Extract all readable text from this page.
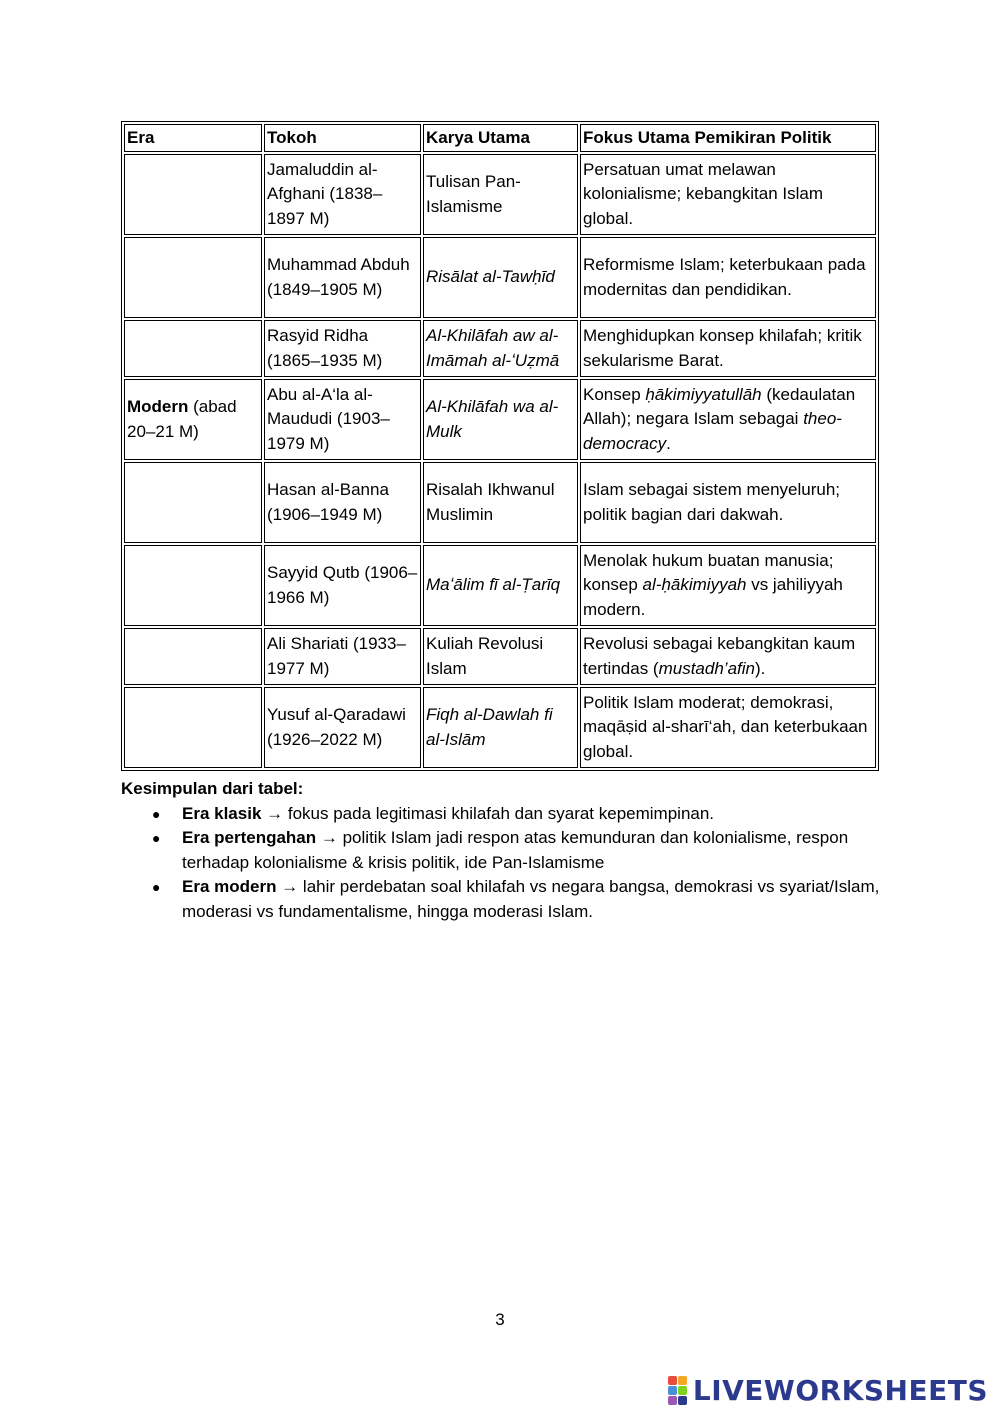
Era	Tokoh	Karya Utama	Fokus Utama Pemikiran Politik
	Jamaluddin al-Afghani (1838–1897 M)	Tulisan Pan-Islamisme	Persatuan umat melawan kolonialisme; kebangkitan Islam global.
	Muhammad Abduh (1849–1905 M)	Risālat al-Tawḥīd	Reformisme Islam; keterbukaan pada modernitas dan pendidikan.
	Rasyid Ridha (1865–1935 M)	Al-Khilāfah aw al-Imāmah al-ʻUẓmā	Menghidupkan konsep khilafah; kritik sekularisme Barat.
Modern (abad 20–21 M)	Abu al-A‘la al-Maududi (1903–1979 M)	Al-Khilāfah wa al-Mulk	Konsep ḥākimiyyatullāh (kedaulatan Allah); negara Islam sebagai theo-democracy.
	Hasan al-Banna (1906–1949 M)	Risalah Ikhwanul Muslimin	Islam sebagai sistem menyeluruh; politik bagian dari dakwah.
	Sayyid Qutb (1906–1966 M)	Maʻālim fī al-Ṭarīq	Menolak hukum buatan manusia; konsep al-ḥākimiyyah vs jahiliyyah modern.
	Ali Shariati (1933–1977 M)	Kuliah Revolusi Islam	Revolusi sebagai kebangkitan kaum tertindas (mustadh’afin).
	Yusuf al-Qaradawi (1926–2022 M)	Fiqh al-Dawlah fi al-Islām	Politik Islam moderat; demokrasi, maqāṣid al-sharī‘ah, dan keterbukaan global.
Kesimpulan dari tabel:
● Era klasik → fokus pada legitimasi khilafah dan syarat kepemimpinan.
● Era pertengahan → politik Islam jadi respon atas kemunduran dan kolonialisme, respon terhadap kolonialisme & krisis politik, ide Pan-Islamisme
● Era modern → lahir perdebatan soal khilafah vs negara bangsa, demokrasi vs syariat/Islam, moderasi vs fundamentalisme, hingga moderasi Islam.
3
LIVEWORKSHEETS
